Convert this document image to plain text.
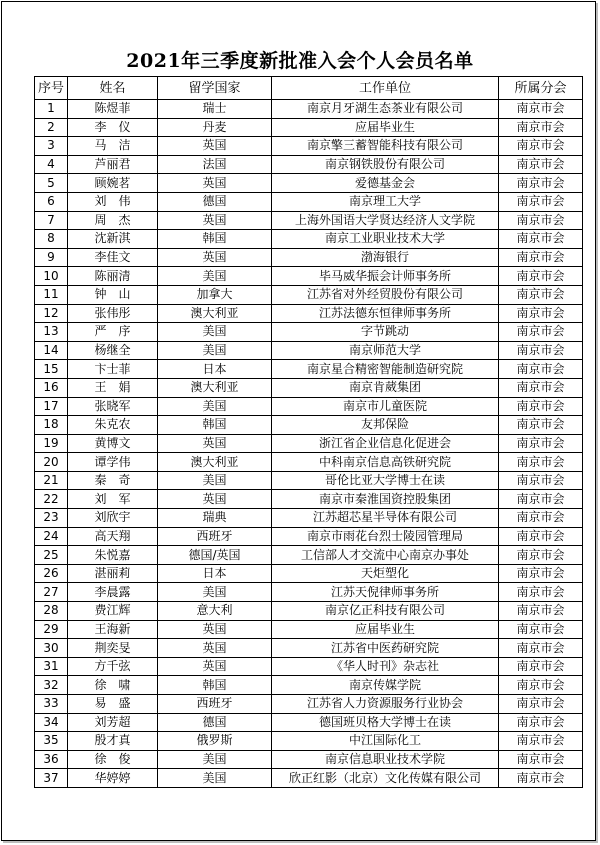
2021年三季度新批准入会个人会员名单
序号	姓名	留学国家	工作单位	所属分会
1	陈煜菲	瑞士	南京月牙湖生态茶业有限公司	南京市会
2	李　仪	丹麦	应届毕业生	南京市会
3	马　洁	英国	南京擎三蓄智能科技有限公司	南京市会
4	芦丽君	法国	南京钢铁股份有限公司	南京市会
5	顾婉茗	英国	爱德基金会	南京市会
6	刘　伟	德国	南京理工大学	南京市会
7	周　杰	英国	上海外国语大学贤达经济人文学院	南京市会
8	沈新淇	韩国	南京工业职业技术大学	南京市会
9	李佳文	英国	渤海银行	南京市会
10	陈丽清	美国	毕马威华振会计师事务所	南京市会
11	钟　山	加拿大	江苏省对外经贸股份有限公司	南京市会
12	张伟彤	澳大利亚	江苏法德东恒律师事务所	南京市会
13	严　序	美国	字节跳动	南京市会
14	杨继全	美国	南京师范大学	南京市会
15	卞士菲	日本	南京星合精密智能制造研究院	南京市会
16	王　娟	澳大利亚	南京肯葳集团	南京市会
17	张晓军	美国	南京市儿童医院	南京市会
18	朱克农	韩国	友邦保险	南京市会
19	黄博文	英国	浙江省企业信息化促进会	南京市会
20	谭学伟	澳大利亚	中科南京信息高铁研究院	南京市会
21	秦　奇	美国	哥伦比亚大学博士在读	南京市会
22	刘　军	英国	南京市秦淮国资控股集团	南京市会
23	刘欣宇	瑞典	江苏超芯星半导体有限公司	南京市会
24	高天翔	西班牙	南京市雨花台烈士陵园管理局	南京市会
25	朱悦嘉	德国/英国	工信部人才交流中心南京办事处	南京市会
26	湛丽莉	日本	天炬塑化	南京市会
27	李晨露	美国	江苏天倪律师事务所	南京市会
28	费江辉	意大利	南京亿正科技有限公司	南京市会
29	王海新	英国	应届毕业生	南京市会
30	荆奕旻	英国	江苏省中医药研究院	南京市会
31	方千弦	英国	《华人时刊》杂志社	南京市会
32	徐　啸	韩国	南京传媒学院	南京市会
33	易　盛	西班牙	江苏省人力资源服务行业协会	南京市会
34	刘芳超	德国	德国班贝格大学博士在读	南京市会
35	殷才真	俄罗斯	中江国际化工	南京市会
36	徐　俊	美国	南京信息职业技术学院	南京市会
37	华婷婷	美国	欣正红影（北京）文化传媒有限公司	南京市会
